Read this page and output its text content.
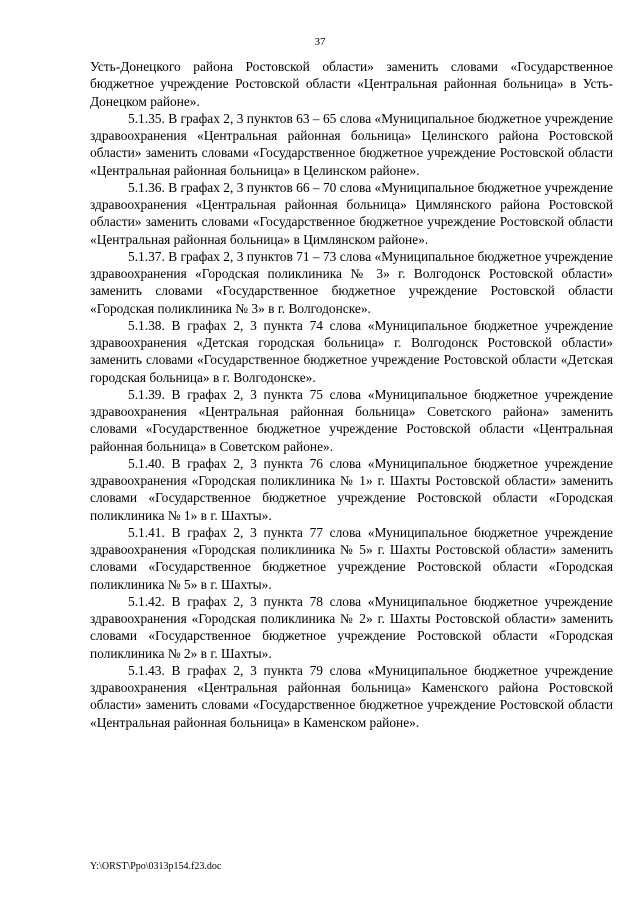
37

Усть-Донецкого района Ростовской области» заменить словами «Государственное бюджетное учреждение Ростовской области «Центральная районная больница» в Усть-Донецком районе».

5.1.35. В графах 2, 3 пунктов 63 – 65 слова «Муниципальное бюджетное учреждение здравоохранения «Центральная районная больница» Целинского района Ростовской области» заменить словами «Государственное бюджетное учреждение Ростовской области «Центральная районная больница» в Целинском районе».

5.1.36. В графах 2, 3 пунктов 66 – 70 слова «Муниципальное бюджетное учреждение здравоохранения «Центральная районная больница» Цимлянского района Ростовской области» заменить словами «Государственное бюджетное учреждение Ростовской области «Центральная районная больница» в Цимлянском районе».

5.1.37. В графах 2, 3 пунктов 71 – 73 слова «Муниципальное бюджетное учреждение здравоохранения «Городская поликлиника № 3» г. Волгодонск Ростовской области» заменить словами «Государственное бюджетное учреждение Ростовской области «Городская поликлиника № 3» в г. Волгодонске».

5.1.38. В графах 2, 3 пункта 74 слова «Муниципальное бюджетное учреждение здравоохранения «Детская городская больница» г. Волгодонск Ростовской области» заменить словами «Государственное бюджетное учреждение Ростовской области «Детская городская больница» в г. Волгодонске».

5.1.39. В графах 2, 3 пункта 75 слова «Муниципальное бюджетное учреждение здравоохранения «Центральная районная больница» Советского района» заменить словами «Государственное бюджетное учреждение Ростовской области «Центральная районная больница» в Советском районе».

5.1.40. В графах 2, 3 пункта 76 слова «Муниципальное бюджетное учреждение здравоохранения «Городская поликлиника № 1» г. Шахты Ростовской области» заменить словами «Государственное бюджетное учреждение Ростовской области «Городская поликлиника № 1» в г. Шахты».

5.1.41. В графах 2, 3 пункта 77 слова «Муниципальное бюджетное учреждение здравоохранения «Городская поликлиника № 5» г. Шахты Ростовской области» заменить словами «Государственное бюджетное учреждение Ростовской области «Городская поликлиника № 5» в г. Шахты».

5.1.42. В графах 2, 3 пункта 78 слова «Муниципальное бюджетное учреждение здравоохранения «Городская поликлиника № 2» г. Шахты Ростовской области» заменить словами «Государственное бюджетное учреждение Ростовской области «Городская поликлиника № 2» в г. Шахты».

5.1.43. В графах 2, 3 пункта 79 слова «Муниципальное бюджетное учреждение здравоохранения «Центральная районная больница» Каменского района Ростовской области» заменить словами «Государственное бюджетное учреждение Ростовской области «Центральная районная больница» в Каменском районе».

Y:\ORST\Ppo\0313p154.f23.doc
